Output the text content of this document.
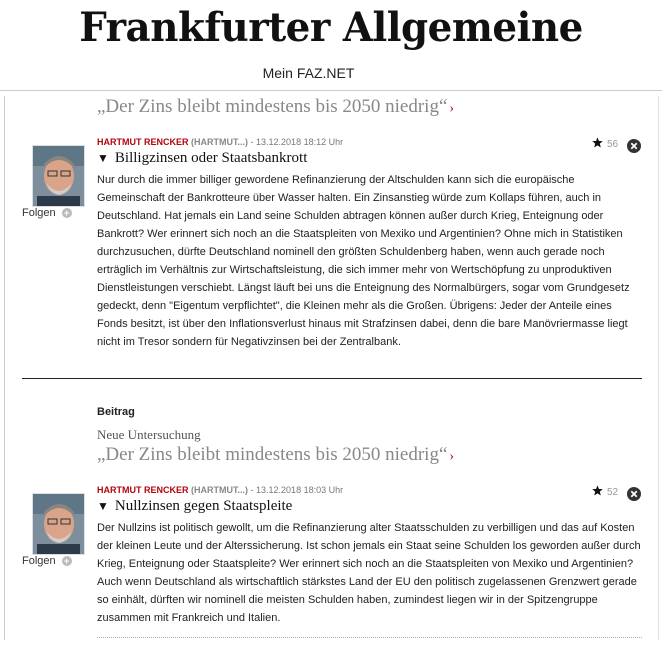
Frankfurter Allgemeine
Mein FAZ.NET
„Der Zins bleibt mindestens bis 2050 niedrig“ ›
Folgen +
HARTMUT RENCKER (HARTMUT...) - 13.12.2018 18:12 Uhr	56
▼ Billigzinsen oder Staatsbankrott
Nur durch die immer billiger gewordene Refinanzierung der Altschulden kann sich die europäische Gemeinschaft der Bankrotteure über Wasser halten. Ein Zinsanstieg würde zum Kollaps führen, auch in Deutschland. Hat jemals ein Land seine Schulden abtragen können außer durch Krieg, Enteignung oder Bankrott? Wer erinnert sich noch an die Staatspleiten von Mexiko und Argentinien? Ohne mich in Statistiken durchzusuchen, dürfte Deutschland nominell den größten Schuldenberg haben, wenn auch gerade noch erträglich im Verhältnis zur Wirtschaftsleistung, die sich immer mehr von Wertschöpfung zu unproduktiven Dienstleistungen verschiebt. Längst läuft bei uns die Enteignung des Normalbürgers, sogar vom Grundgesetz gedeckt, denn "Eigentum verpflichtet", die Kleinen mehr als die Großen. Übrigens: Jeder der Anteile eines Fonds besitzt, ist über den Inflationsverlust hinaus mit Strafzinsen dabei, denn die bare Manövriermasse liegt nicht im Tresor sondern für Negativzinsen bei der Zentralbank.
Beitrag
Neue Untersuchung
„Der Zins bleibt mindestens bis 2050 niedrig“ ›
Folgen +
HARTMUT RENCKER (HARTMUT...) - 13.12.2018 18:03 Uhr	52
▼ Nullzinsen gegen Staatspleite
Der Nullzins ist politisch gewollt, um die Refinanzierung alter Staatsschulden zu verbilligen und das auf Kosten der kleinen Leute und der Alterssicherung. Ist schon jemals ein Staat seine Schulden los geworden außer durch Krieg, Enteignung oder Staatspleite? Wer erinnert sich noch an die Staatspleiten von Mexiko und Argentinien?Auch wenn Deutschland als wirtschaftlich stärkstes Land der EU den politisch zugelassenen Grenzwert gerade so einhält, dürften wir nominell die meisten Schulden haben, zumindest liegen wir in der Spitzengruppe zusammen mit Frankreich und Italien.
